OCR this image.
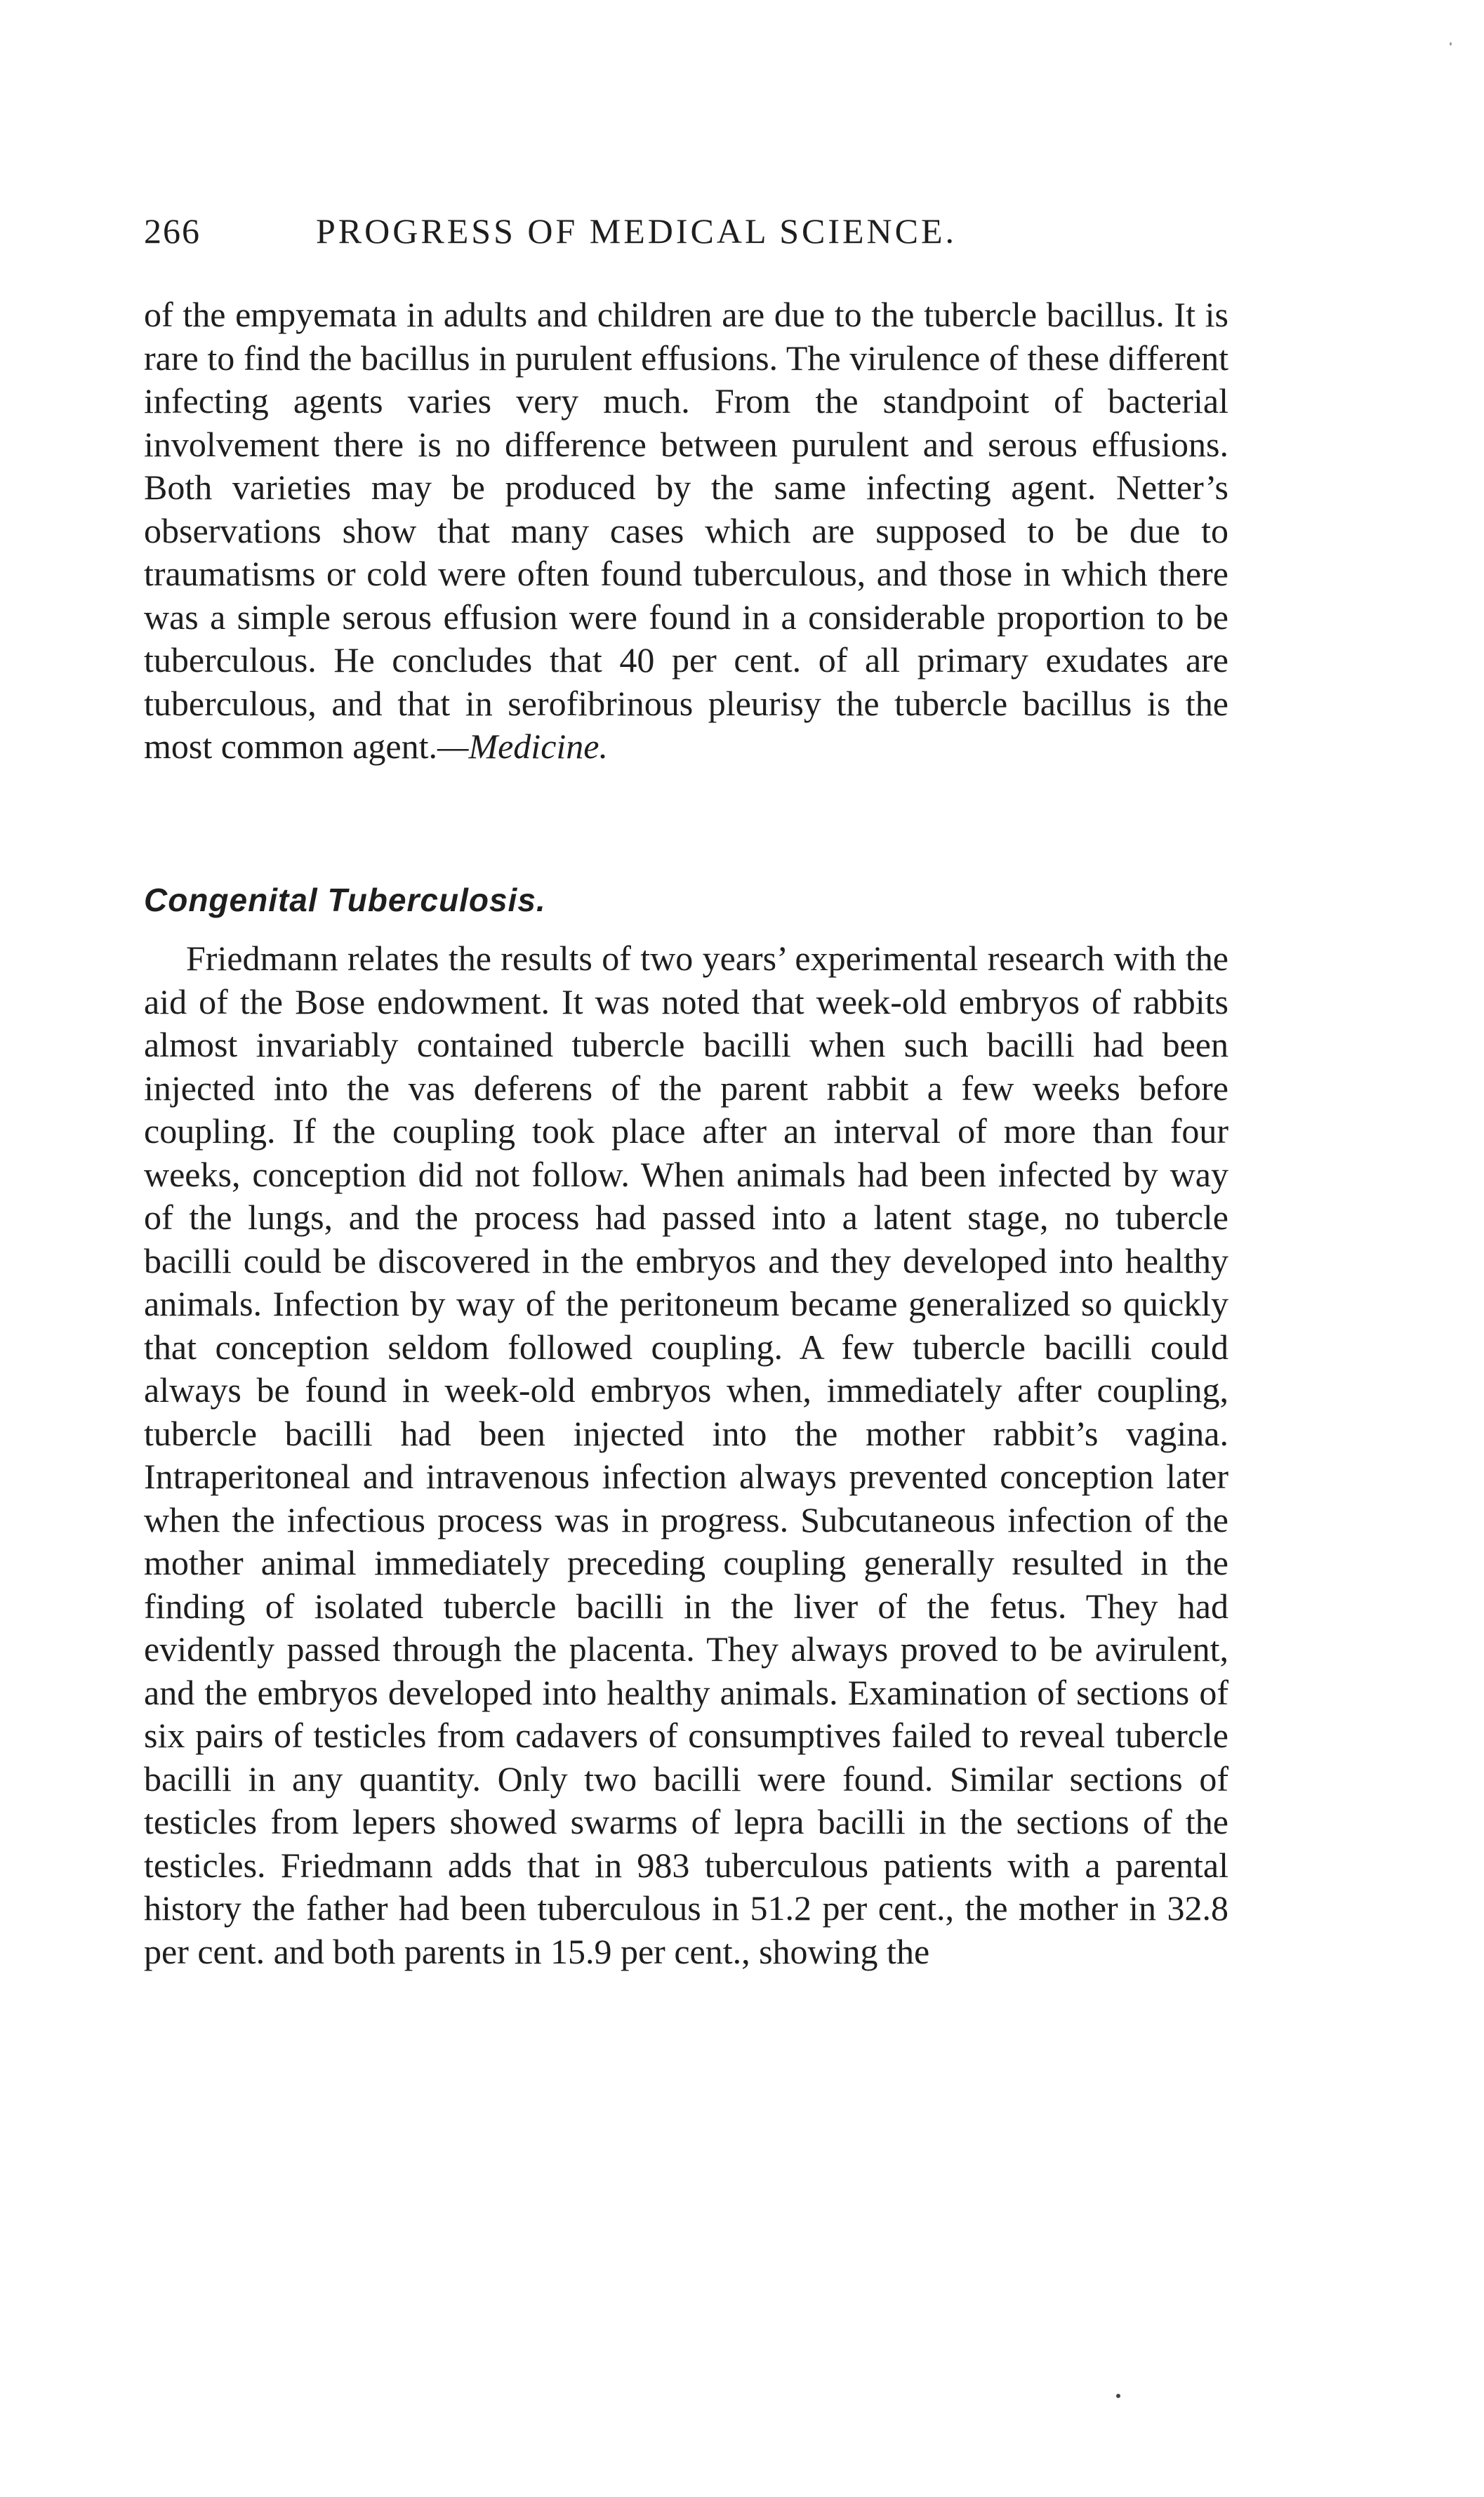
266	PROGRESS OF MEDICAL SCIENCE.

of the empyemata in adults and children are due to the tubercle bacillus. It is rare to find the bacillus in purulent effusions. The virulence of these different infecting agents varies very much. From the standpoint of bacterial involvement there is no difference between purulent and serous effusions. Both varieties may be produced by the same infecting agent. Netter’s observations show that many cases which are supposed to be due to traumatisms or cold were often found tuberculous, and those in which there was a simple serous effusion were found in a considerable proportion to be tuberculous. He concludes that 40 per cent. of all primary exudates are tuberculous, and that in serofibrinous pleurisy the tubercle bacillus is the most common agent.—Medicine.

Congenital Tuberculosis.

Friedmann relates the results of two years’ experimental research with the aid of the Bose endowment. It was noted that week-old embryos of rabbits almost invariably contained tubercle bacilli when such bacilli had been injected into the vas deferens of the parent rabbit a few weeks before coupling. If the coupling took place after an interval of more than four weeks, conception did not follow. When animals had been infected by way of the lungs, and the process had passed into a latent stage, no tubercle bacilli could be discovered in the embryos and they developed into healthy animals. Infection by way of the peritoneum became generalized so quickly that conception seldom followed coupling. A few tubercle bacilli could always be found in week-old embryos when, immediately after coupling, tubercle bacilli had been injected into the mother rabbit’s vagina. Intraperitoneal and intravenous infection always prevented conception later when the infectious process was in progress. Subcutaneous infection of the mother animal immediately preceding coupling generally resulted in the finding of isolated tubercle bacilli in the liver of the fetus. They had evidently passed through the placenta. They always proved to be avirulent, and the embryos developed into healthy animals. Examination of sections of six pairs of testicles from cadavers of consumptives failed to reveal tubercle bacilli in any quantity. Only two bacilli were found. Similar sections of testicles from lepers showed swarms of lepra bacilli in the sections of the testicles. Friedmann adds that in 983 tuberculous patients with a parental history the father had been tuberculous in 51.2 per cent., the mother in 32.8 per cent. and both parents in 15.9 per cent., showing the
